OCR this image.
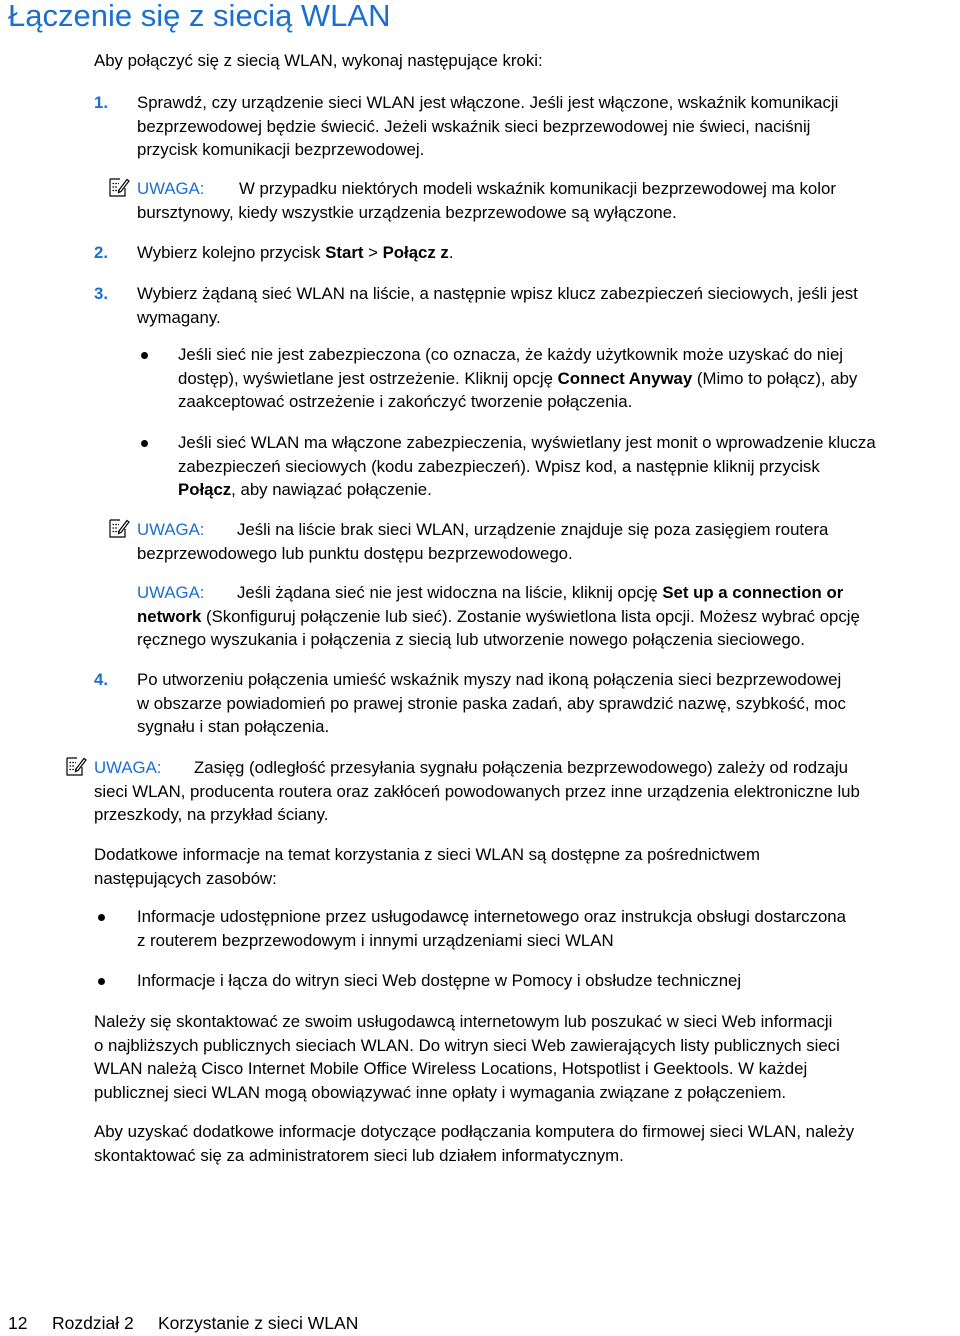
Łączenie się z siecią WLAN
Aby połączyć się z siecią WLAN, wykonaj następujące kroki:
1. Sprawdź, czy urządzenie sieci WLAN jest włączone. Jeśli jest włączone, wskaźnik komunikacji
bezprzewodowej będzie świecić. Jeżeli wskaźnik sieci bezprzewodowej nie świeci, naciśnij
przycisk komunikacji bezprzewodowej.
UWAGA: W przypadku niektórych modeli wskaźnik komunikacji bezprzewodowej ma kolor
bursztynowy, kiedy wszystkie urządzenia bezprzewodowe są wyłączone.
2. Wybierz kolejno przycisk Start > Połącz z.
3. Wybierz żądaną sieć WLAN na liście, a następnie wpisz klucz zabezpieczeń sieciowych, jeśli jest
wymagany.
Jeśli sieć nie jest zabezpieczona (co oznacza, że każdy użytkownik może uzyskać do niej
dostęp), wyświetlane jest ostrzeżenie. Kliknij opcję Connect Anyway (Mimo to połącz), aby
zaakceptować ostrzeżenie i zakończyć tworzenie połączenia.
Jeśli sieć WLAN ma włączone zabezpieczenia, wyświetlany jest monit o wprowadzenie klucza
zabezpieczeń sieciowych (kodu zabezpieczeń). Wpisz kod, a następnie kliknij przycisk
Połącz, aby nawiązać połączenie.
UWAGA: Jeśli na liście brak sieci WLAN, urządzenie znajduje się poza zasięgiem routera
bezprzewodowego lub punktu dostępu bezprzewodowego.
UWAGA: Jeśli żądana sieć nie jest widoczna na liście, kliknij opcję Set up a connection or
network (Skonfiguruj połączenie lub sieć). Zostanie wyświetlona lista opcji. Możesz wybrać opcję
ręcznego wyszukania i połączenia z siecią lub utworzenie nowego połączenia sieciowego.
4. Po utworzeniu połączenia umieść wskaźnik myszy nad ikoną połączenia sieci bezprzewodowej
w obszarze powiadomień po prawej stronie paska zadań, aby sprawdzić nazwę, szybkość, moc
sygnału i stan połączenia.
UWAGA: Zasięg (odległość przesyłania sygnału połączenia bezprzewodowego) zależy od rodzaju
sieci WLAN, producenta routera oraz zakłóceń powodowanych przez inne urządzenia elektroniczne lub
przeszkody, na przykład ściany.
Dodatkowe informacje na temat korzystania z sieci WLAN są dostępne za pośrednictwem
następujących zasobów:
Informacje udostępnione przez usługodawcę internetowego oraz instrukcja obsługi dostarczona
z routerem bezprzewodowym i innymi urządzeniami sieci WLAN
Informacje i łącza do witryn sieci Web dostępne w Pomocy i obsłudze technicznej
Należy się skontaktować ze swoim usługodawcą internetowym lub poszukać w sieci Web informacji
o najbliższych publicznych sieciach WLAN. Do witryn sieci Web zawierających listy publicznych sieci
WLAN należą Cisco Internet Mobile Office Wireless Locations, Hotspotlist i Geektools. W każdej
publicznej sieci WLAN mogą obowiązywać inne opłaty i wymagania związane z połączeniem.
Aby uzyskać dodatkowe informacje dotyczące podłączania komputera do firmowej sieci WLAN, należy
skontaktować się za administratorem sieci lub działem informatycznym.
12 Rozdział 2 Korzystanie z sieci WLAN
